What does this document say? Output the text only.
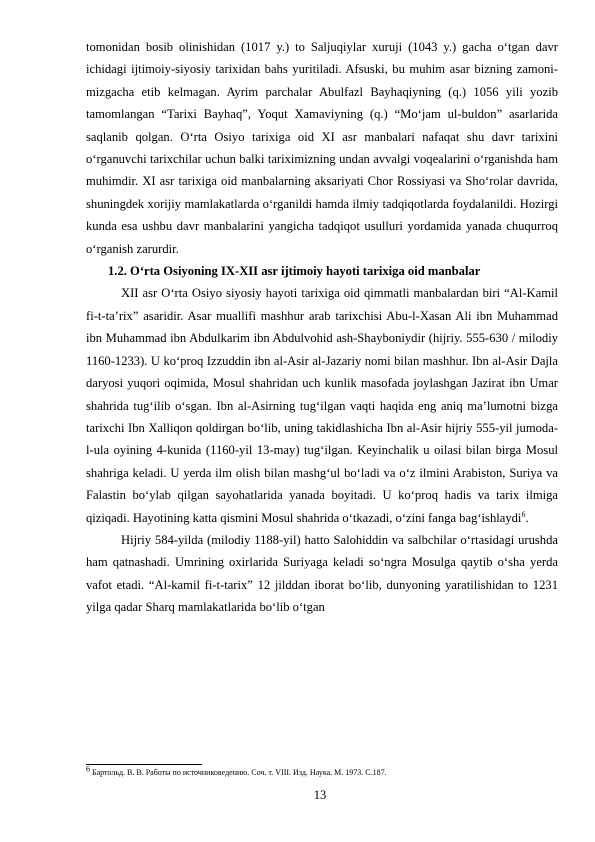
tomonidan bosib olinishidan (1017 y.) to Saljuqiylar xuruji (1043 y.) gacha o‘tgan davr ichidagi ijtimoiy-siyosiy tarixidan bahs yuritiladi. Afsuski, bu muhim asar bizning zamoni-mizgacha etib kelmagan. Ayrim parchalar Abulfazl Bayhaqiyning (q.) 1056 yili yozib tamomlangan “Tarixi Bayhaq”, Yoqut Xamaviyning (q.) “Mo‘jam ul-buldon” asarlarida saqlanib qolgan. O‘rta Osiyo tarixiga oid XI asr manbalari nafaqat shu davr tarixini o‘rganuvchi tarixchilar uchun balki tariximizning undan avvalgi voqealarini o‘rganishda ham muhimdir. XI asr tarixiga oid manbalarning aksariyati Chor Rossiyasi va Sho‘rolar davrida, shuningdek xorijiy mamlakatlarda o‘rganildi hamda ilmiy tadqiqotlarda foydalanildi. Hozirgi kunda esa ushbu davr manbalarini yangicha tadqiqot usulluri yordamida yanada chuqurroq o‘rganish zarurdir.

1.2. O‘rta Osiyoning IX-XII asr ijtimoiy hayoti tarixiga oid manbalar

XII asr O‘rta Osiyo siyosiy hayoti tarixiga oid qimmatli manbalardan biri “Al-Kamil fi-t-ta’rix” asaridir. Asar muallifi mashhur arab tarixchisi Abu-l-Xasan Ali ibn Muhammad ibn Muhammad ibn Abdulkarim ibn Abdulvohid ash-Shayboniydir (hijriy. 555-630 / milodiy 1160-1233). U ko‘proq Izzuddin ibn al-Asir al-Jazariy nomi bilan mashhur. Ibn al-Asir Dajla daryosi yuqori oqimida, Mosul shahridan uch kunlik masofada joylashgan Jazirat ibn Umar shahrida tug‘ilib o‘sgan. Ibn al-Asirning tug‘ilgan vaqti haqida eng aniq ma’lumotni bizga tarixchi Ibn Xalliqon qoldirgan bo‘lib, uning takidlashicha Ibn al-Asir hijriy 555-yil jumoda-l-ula oyining 4-kunida (1160-yil 13-may) tug‘ilgan. Keyinchalik u oilasi bilan birga Mosul shahriga keladi. U yerda ilm olish bilan mashg‘ul bo‘ladi va o‘z ilmini Arabiston, Suriya va Falastin bo‘ylab qilgan sayohatlarida yanada boyitadi. U ko‘proq hadis va tarix ilmiga qiziqadi. Hayotining katta qismini Mosul shahrida o‘tkazadi, o‘zini fanga bag‘ishlaydi$^6$.

Hijriy 584-yilda (milodiy 1188-yil) hatto Salohiddin va salbchilar o‘rtasidagi urushda ham qatnashadi. Umrining oxirlarida Suriyaga keladi so‘ngra Mosulga qaytib o‘sha yerda vafot etadi. “Al-kamil fi-t-tarix” 12 jilddan iborat bo‘lib, dunyoning yaratilishidan to 1231 yilga qadar Sharq mamlakatlarida bo‘lib o‘tgan

$^6$ Бартольд. В. В. Работы по источниковедению. Соч. т. VIII. Изд. Наука. М. 1973. С.187.

13
